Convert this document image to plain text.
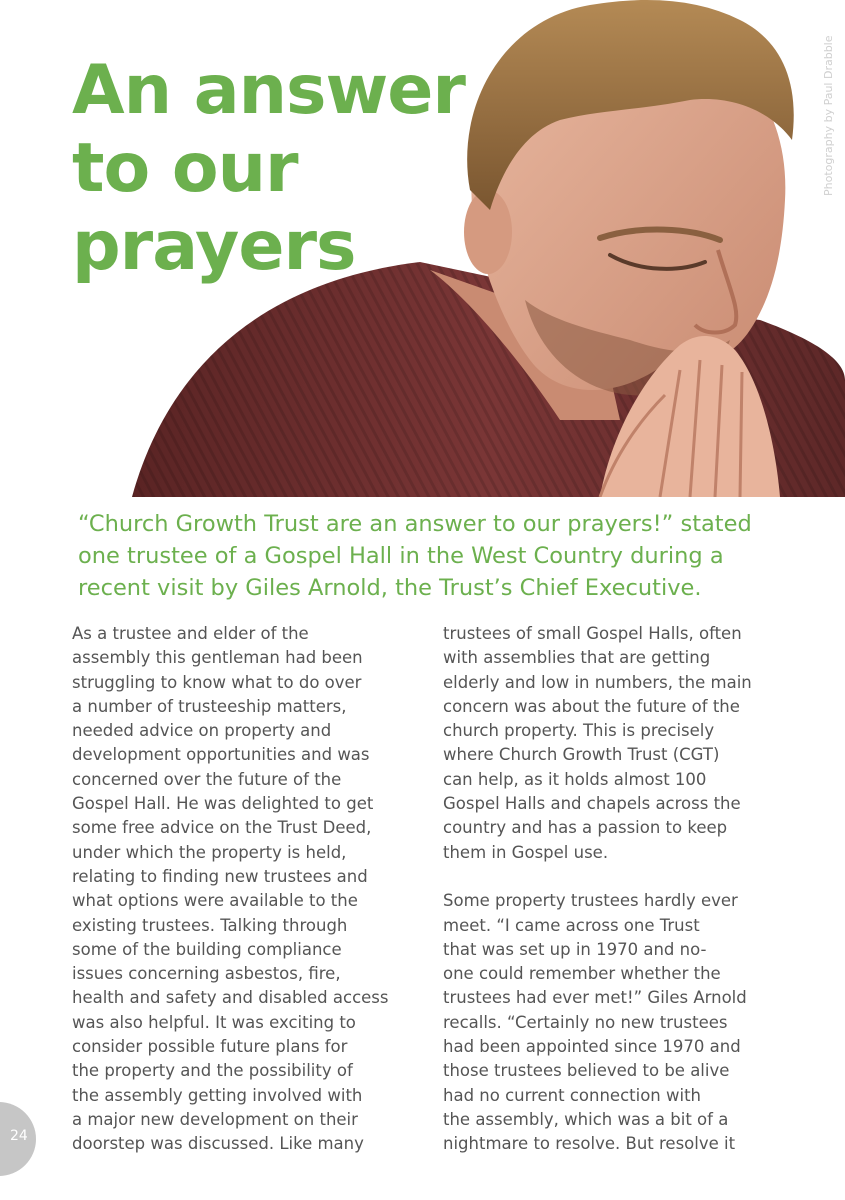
An answer
to our
prayers
Photography by Paul Drabble

“Church Growth Trust are an answer to our prayers!” stated
one trustee of a Gospel Hall in the West Country during a
recent visit by Giles Arnold, the Trust’s Chief Executive.

As a trustee and elder of the
assembly this gentleman had been
struggling to know what to do over
a number of trusteeship matters,
needed advice on property and
development opportunities and was
concerned over the future of the
Gospel Hall. He was delighted to get
some free advice on the Trust Deed,
under which the property is held,
relating to finding new trustees and
what options were available to the
existing trustees. Talking through
some of the building compliance
issues concerning asbestos, fire,
health and safety and disabled access
was also helpful. It was exciting to
consider possible future plans for
the property and the possibility of
the assembly getting involved with
a major new development on their
doorstep was discussed. Like many
trustees of small Gospel Halls, often
with assemblies that are getting
elderly and low in numbers, the main
concern was about the future of the
church property. This is precisely
where Church Growth Trust (CGT)
can help, as it holds almost 100
Gospel Halls and chapels across the
country and has a passion to keep
them in Gospel use.
Some property trustees hardly ever
meet. “I came across one Trust
that was set up in 1970 and no-
one could remember whether the
trustees had ever met!” Giles Arnold
recalls. “Certainly no new trustees
had been appointed since 1970 and
those trustees believed to be alive
had no current connection with
the assembly, which was a bit of a
nightmare to resolve. But resolve it
24
